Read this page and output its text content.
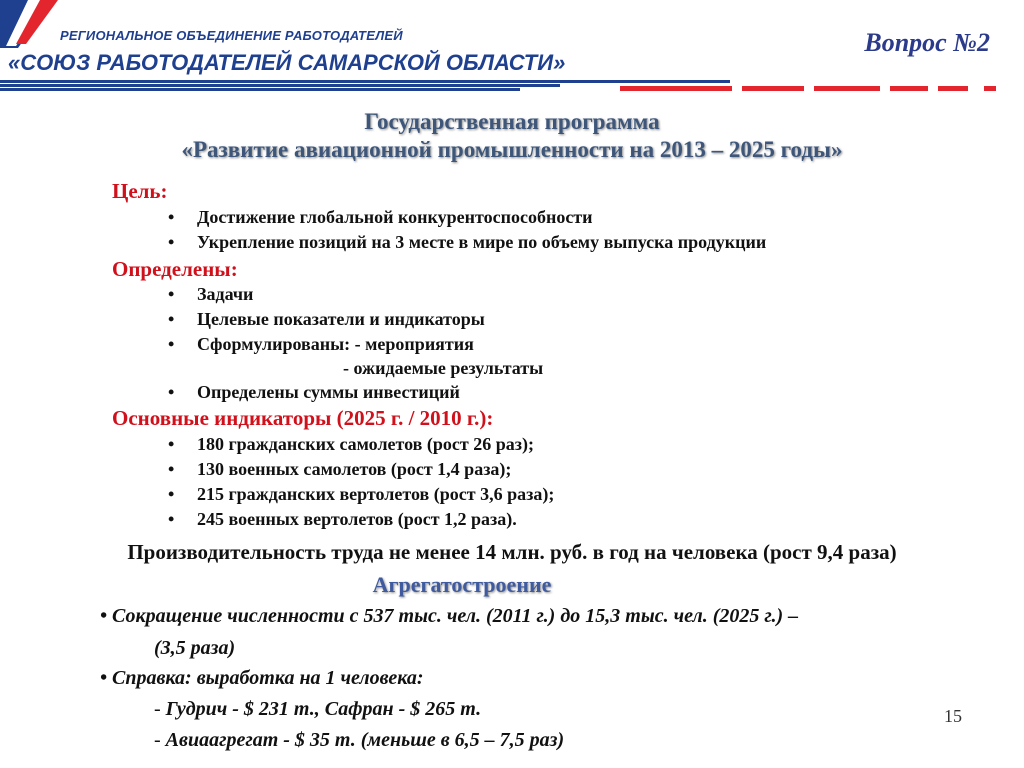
РЕГИОНАЛЬНОЕ ОБЪЕДИНЕНИЕ РАБОТОДАТЕЛЕЙ
«СОЮЗ РАБОТОДАТЕЛЕЙ САМАРСКОЙ ОБЛАСТИ»
Вопрос №2
Государственная программа
«Развитие авиационной промышленности на 2013 – 2025 годы»
Цель:
• Достижение глобальной конкурентоспособности
• Укрепление позиций на 3 месте в мире по объему выпуска продукции
Определены:
• Задачи
• Целевые показатели и индикаторы
• Сформулированы: - мероприятия
- ожидаемые результаты
• Определены суммы инвестиций
Основные индикаторы (2025 г. / 2010 г.):
• 180 гражданских самолетов (рост 26 раз);
• 130 военных самолетов (рост 1,4 раза);
• 215 гражданских вертолетов (рост 3,6 раза);
• 245 военных вертолетов (рост 1,2 раза).
Производительность труда не менее 14 млн. руб. в год на человека (рост 9,4 раза)
Агрегатостроение
• Сокращение численности с 537 тыс. чел. (2011 г.) до 15,3 тыс. чел. (2025 г.) –
(3,5 раза)
• Справка: выработка на 1 человека:
- Гудрич - $ 231 т., Сафран - $ 265 т.
- Авиаагрегат - $ 35 т. (меньше в 6,5 – 7,5 раз)
15
